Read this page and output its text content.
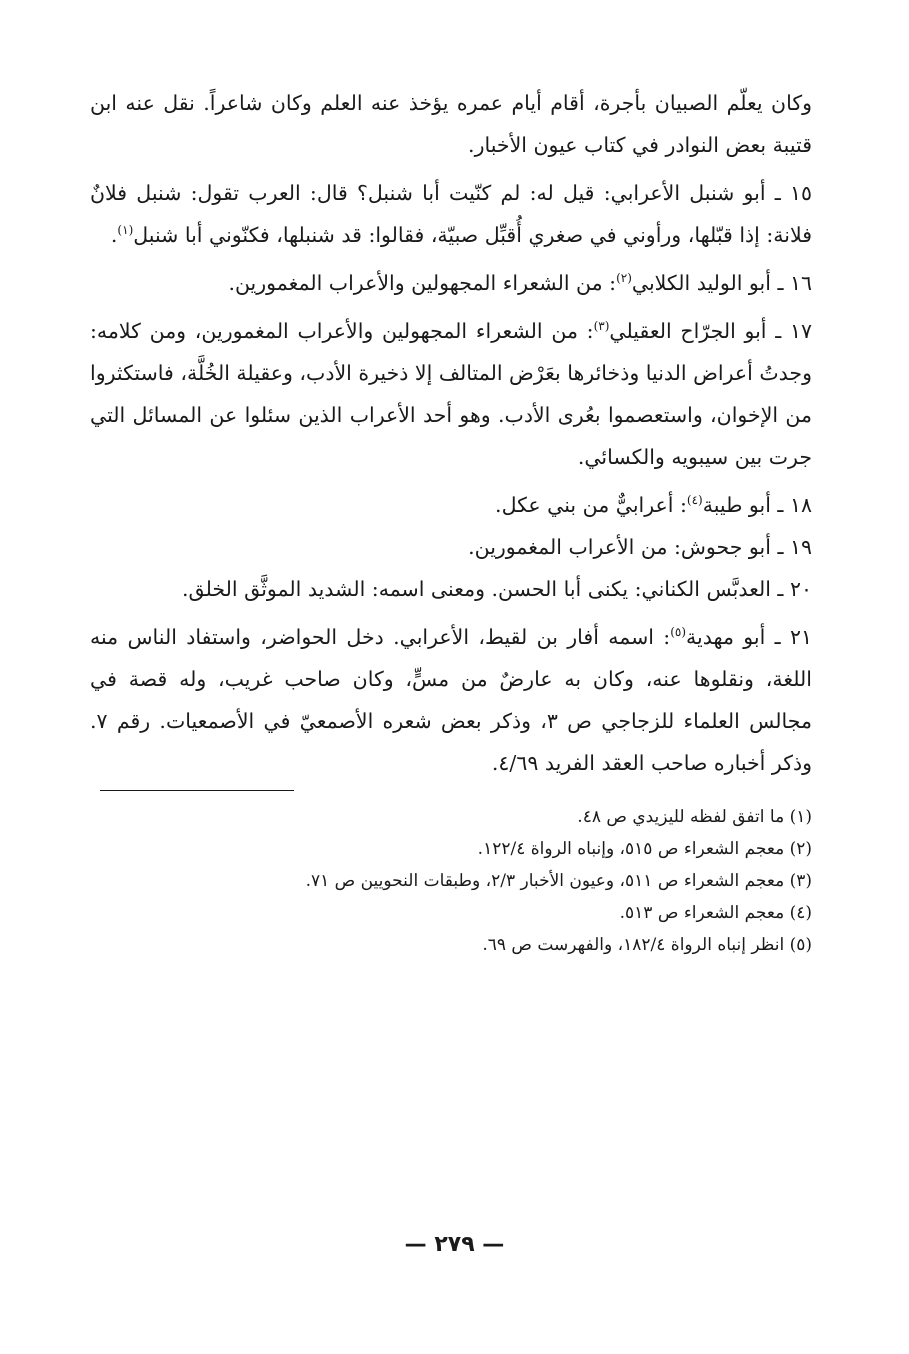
وكان يعلّم الصبيان بأجرة، أقام أيام عمره يؤخذ عنه العلم وكان شاعراً. نقل عنه ابن قتيبة بعض النوادر في كتاب عيون الأخبار.

١٥ ـ أبو شنبل الأعرابي: قيل له: لم كنّيت أبا شنبل؟ قال: العرب تقول: شنبل فلانٌ فلانة: إذا قبّلها، ورأوني في صغري أُقبِّل صبيّة، فقالوا: قد شنبلها، فكنّوني أبا شنبل$^{(١)}$.

١٦ ـ أبو الوليد الكلابي$^{(٢)}$: من الشعراء المجهولين والأعراب المغمورين.

١٧ ـ أبو الجرّاح العقيلي$^{(٣)}$: من الشعراء المجهولين والأعراب المغمورين، ومن كلامه: وجدتُ أعراض الدنيا وذخائرها بعَرْض المتالف إلا ذخيرة الأدب، وعقيلة الخُلَّة، فاستكثروا من الإخوان، واستعصموا بعُرى الأدب. وهو أحد الأعراب الذين سئلوا عن المسائل التي جرت بين سيبويه والكسائي.

١٨ ـ أبو طيبة$^{(٤)}$: أعرابيٌّ من بني عكل.

١٩ ـ أبو جحوش: من الأعراب المغمورين.

٢٠ ـ العدبَّس الكناني: يكنى أبا الحسن. ومعنى اسمه: الشديد الموثَّق الخلق.

٢١ ـ أبو مهدية$^{(٥)}$: اسمه أفار بن لقيط، الأعرابي. دخل الحواضر، واستفاد الناس منه اللغة، ونقلوها عنه، وكان به عارضٌ من مسٍّ، وكان صاحب غريب، وله قصة في مجالس العلماء للزجاجي ص ٣، وذكر بعض شعره الأصمعيّ في الأصمعيات. رقم ٧. وذكر أخباره صاحب العقد الفريد ٤/٦٩.

(١) ما اتفق لفظه لليزيدي ص ٤٨.

(٢) معجم الشعراء ص ٥١٥، وإنباه الرواة ١٢٢/٤.

(٣) معجم الشعراء ص ٥١١، وعيون الأخبار ٢/٣، وطبقات النحويين ص ٧١.

(٤) معجم الشعراء ص ٥١٣.

(٥) انظر إنباه الرواة ١٨٢/٤، والفهرست ص ٦٩.

— ٢٧٩ —
